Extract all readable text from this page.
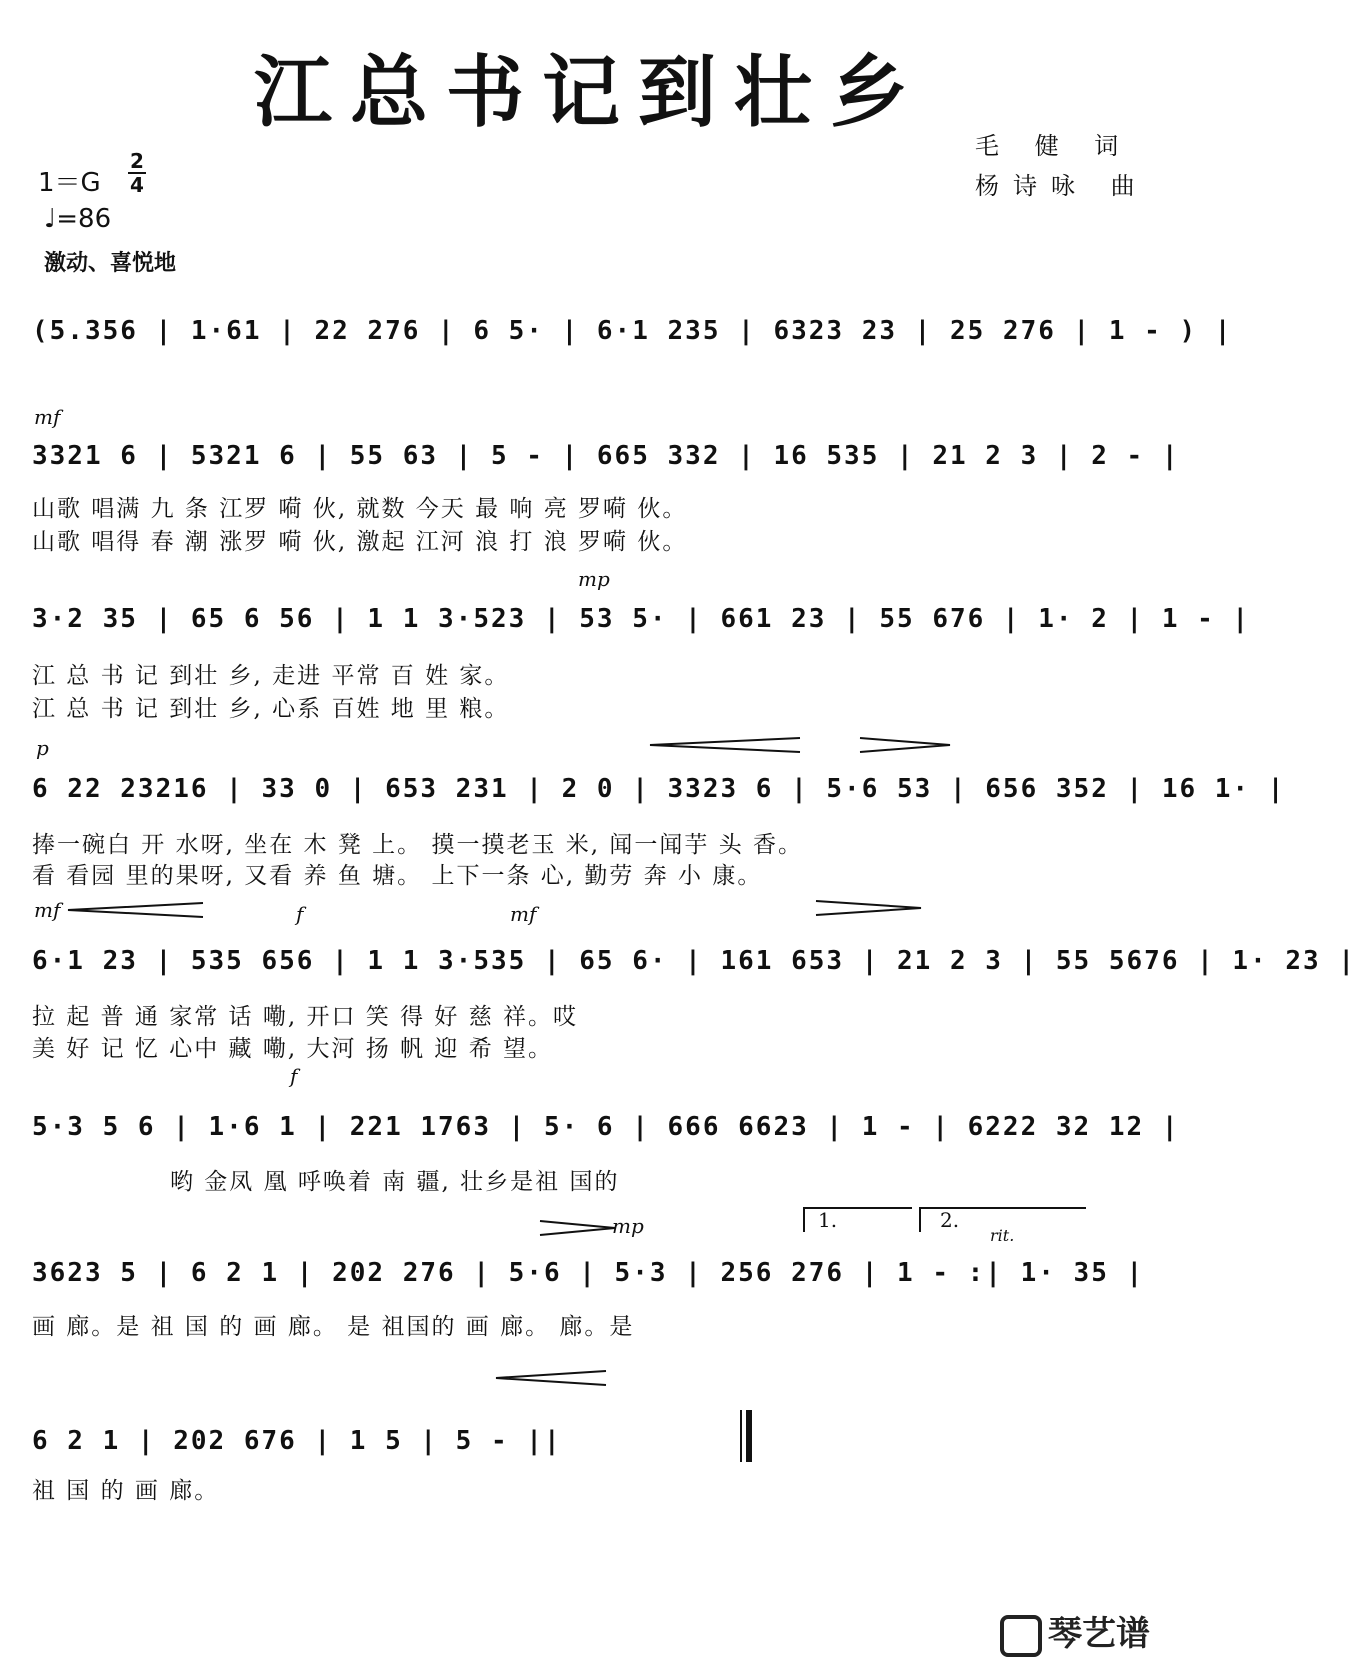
江总书记到壮乡
毛 健 词
杨诗咏 曲
1＝G
2
4
♩=86
激动、喜悦地
(5.356 | 1·61 | 22 276 | 6 5· | 6·1 235 | 6323 23 | 25 276 | 1 - ) |
mf
3321 6 | 5321 6 | 55 63 | 5 - | 665 332 | 16 535 | 21 2 3 | 2 - |
山歌 唱满 九 条 江罗 嗬 伙, 就数 今天 最 响 亮 罗嗬 伙。
山歌 唱得 春 潮 涨罗 嗬 伙, 激起 江河 浪 打 浪 罗嗬 伙。
mp
3·2 35 | 65 6 56 | 1 1 3·523 | 53 5· | 661 23 | 55 676 | 1· 2 | 1 - |
江 总 书 记 到壮 乡, 走进 平常 百 姓 家。
江 总 书 记 到壮 乡, 心系 百姓 地 里 粮。
p
6 22 23216 | 33 0 | 653 231 | 2 0 | 3323 6 | 5·6 53 | 656 352 | 16 1· |
捧一碗白 开 水呀, 坐在 木 凳 上。 摸一摸老玉 米, 闻一闻芋 头 香。
看 看园 里的果呀, 又看 养 鱼 塘。 上下一条 心, 勤劳 奔 小 康。
mf	f	mf
6·1 23 | 535 656 | 1 1 3·535 | 65 6· | 161 653 | 21 2 3 | 55 5676 | 1· 23 |
拉 起 普 通 家常 话 嘞, 开口 笑 得 好 慈 祥。哎
美 好 记 忆 心中 藏 嘞, 大河 扬 帆 迎 希 望。
f
5·3 5 6 | 1·6 1 | 221 1763 | 5· 6 | 666 6623 | 1 - | 6222 32 12 |
哟 金凤 凰 呼唤着 南 疆, 壮乡是祖 国的
1.	2.
mp	rit.
3623 5 | 6 2 1 | 202 276 | 5·6 | 5·3 | 256 276 | 1 - :| 1· 35 |
画 廊。是 祖 国 的 画 廊。 是 祖国的 画 廊。 廊。是
6 2 1 | 202 676 | 1 5 | 5 - ||
祖 国 的 画 廊。
琴艺谱
